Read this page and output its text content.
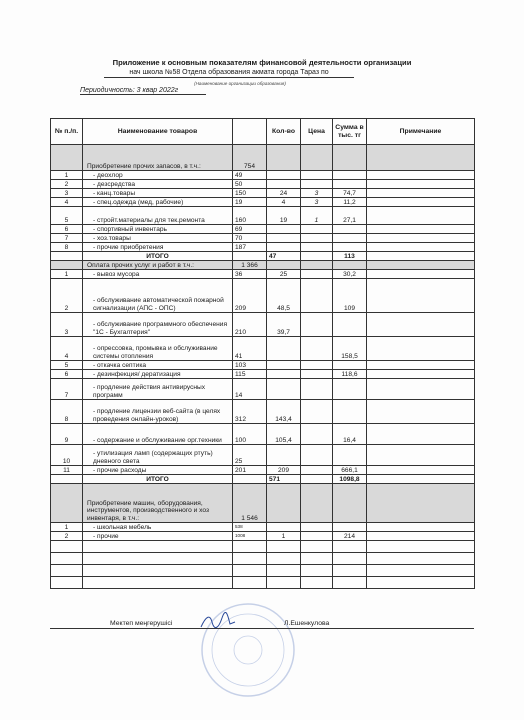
Приложение к основным показателям финансовой деятельности организации
нач школа №58 Отдела образования акмата города Тараз по
(Наименование организации образования)
Периодичность: 3 квар 2022г
№ п./п.	Наименование товаров		Кол-во	Цена	Сумма в тыс. тг	Примечание
	Приобретение прочих запасов, в т.ч.:	754				
1	- деохлор	49				
2	- дезсредства	50				
3	- канц.товары	150	24	3	74,7	
4	- спец.одежда (мед, рабочие)	19	4	3	11,2	
5	- стройт.материалы для тек.ремонта	160	19	1	27,1	
6	- спортивный инвентарь	69				
7	- хоз.товары	70				
8	- прочие приобретения	187				
	ИТОГО		47		113	
	Оплата прочих услуг и работ в т.ч.:	1 366				
1	- вывоз мусора	36	25		30,2	
2	- обслуживание автоматической пожарной сигнализации (АПС - ОПС)	209	48,5		109	
3	- обслуживание программного обеспечения "1С - Бухгалтерия"	210	39,7			
4	- опрессовка, промывка и обслуживание системы отопления	41			158,5	
5	- откачка септика	103				
6	- дезинфекция/ дератизация	115			118,6	
7	- продление действия антивирусных программ	14				
8	- продление лицензии веб-сайта (в целях проведения онлайн-уроков)	312	143,4			
9	- содержание и обслуживание орг.техники	100	105,4		16,4	
10	- утилизация ламп (содержащих ртуть) дневного света	25				
11	- прочие расходы	201	209		666,1	
	ИТОГО		571		1098,8	
	Приобретение машин, оборудования, инструментов, производственного и хоз инвентаря, в т.ч.:	1 546				
1	- школьная мебель	538				
2	- прочие	1008	1		214	

Мектеп меңгерушісі	Л.Ешенкулова
